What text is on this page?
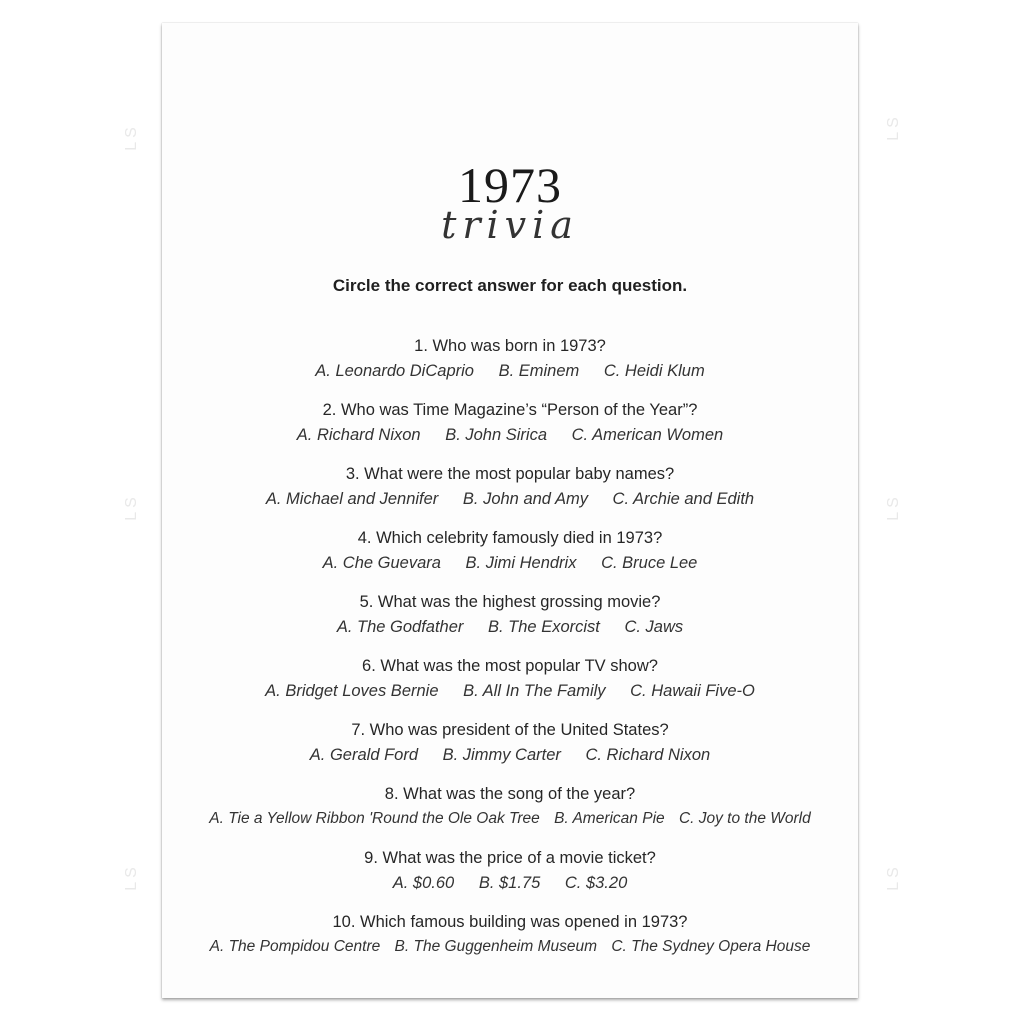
LS	LS
LS	LS
LS	LS
1973
trivia
Circle the correct answer for each question.
1. Who was born in 1973?
A. Leonardo DiCaprio B. Eminem C. Heidi Klum
2. Who was Time Magazine’s “Person of the Year”?
A. Richard Nixon B. John Sirica C. American Women
3. What were the most popular baby names?
A. Michael and Jennifer B. John and Amy C. Archie and Edith
4. Which celebrity famously died in 1973?
A. Che Guevara B. Jimi Hendrix C. Bruce Lee
5. What was the highest grossing movie?
A. The Godfather B. The Exorcist C. Jaws
6. What was the most popular TV show?
A. Bridget Loves Bernie B. All In The Family C. Hawaii Five-O
7. Who was president of the United States?
A. Gerald Ford B. Jimmy Carter C. Richard Nixon
8. What was the song of the year?
A. Tie a Yellow Ribbon 'Round the Ole Oak Tree B. American Pie C. Joy to the World
9. What was the price of a movie ticket?
A. $0.60 B. $1.75 C. $3.20
10. Which famous building was opened in 1973?
A. The Pompidou Centre B. The Guggenheim Museum C. The Sydney Opera House
